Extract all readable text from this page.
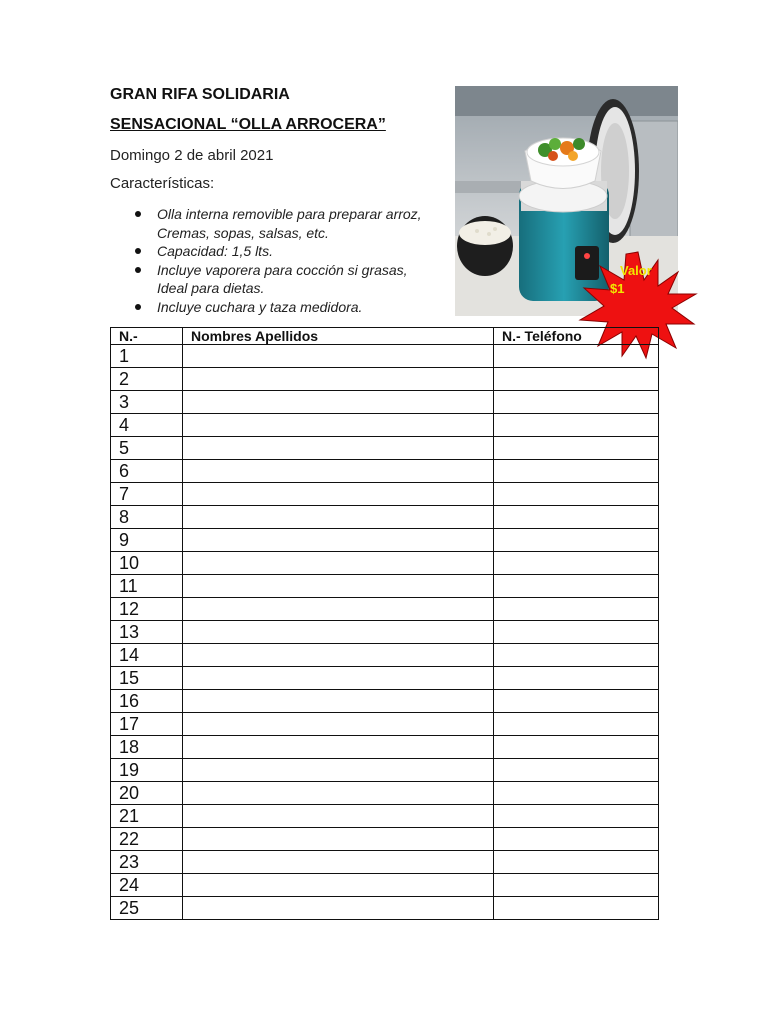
GRAN RIFA SOLIDARIA
SENSACIONAL “OLLA ARROCERA”
Domingo 2 de abril 2021
Características:
Olla interna removible para preparar arroz,
Cremas, sopas, salsas, etc.
Capacidad: 1,5 lts.
Incluye vaporera para cocción si grasas,
Ideal para dietas.
Incluye cuchara y taza medidora.
Valor
$1
N.-	Nombres Apellidos	N.- Teléfono
1		
2		
3		
4		
5		
6		
7		
8		
9		
10		
11		
12		
13		
14		
15		
16		
17		
18		
19		
20		
21		
22		
23		
24		
25		
